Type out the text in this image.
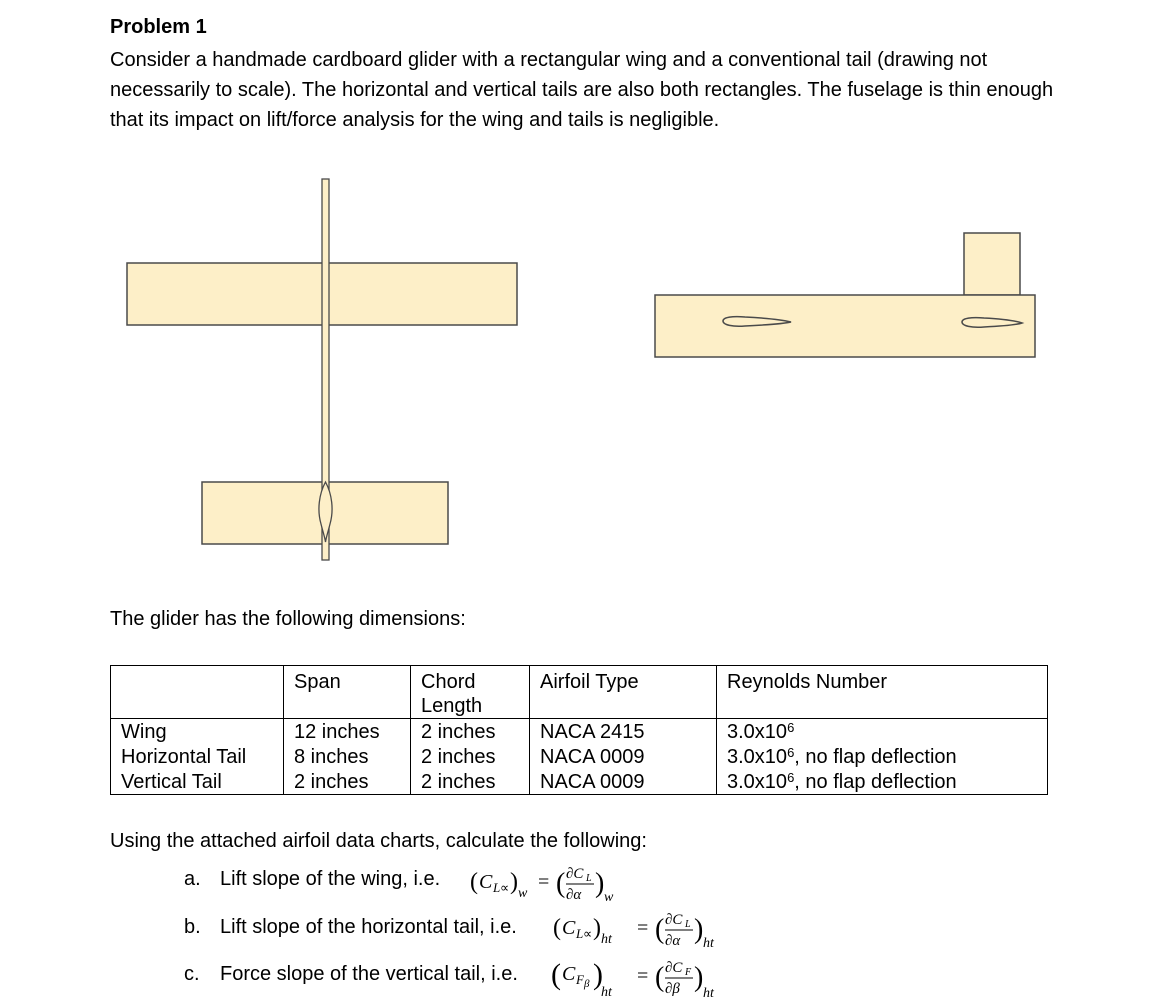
Problem 1
Consider a handmade cardboard glider with a rectangular wing and a conventional tail (drawing not necessarily to scale). The horizontal and vertical tails are also both rectangles. The fuselage is thin enough that its impact on lift/force analysis for the wing and tails is negligible.
The glider has the following dimensions:
	Span	Chord Length	Airfoil Type	Reynolds Number
Wing	12 inches	2 inches	NACA 2415	$3.0x10^6$
Horizontal Tail	8 inches	2 inches	NACA 0009	$3.0x10^6$, no flap deflection
Vertical Tail	2 inches	2 inches	NACA 0009	$3.0x10^6$, no flap deflection
Using the attached airfoil data charts, calculate the following:
a. Lift slope of the wing, i.e. ( C L ∝ ) w
= ( ∂C L
∂α ) w
b. Lift slope of the horizontal tail, i.e. ( C L ∝ ) ht
= ( ∂C L
∂α ) ht
c. Force slope of the vertical tail, i.e. ( C F β )
ht
= ( ∂C F
∂β )
ht
